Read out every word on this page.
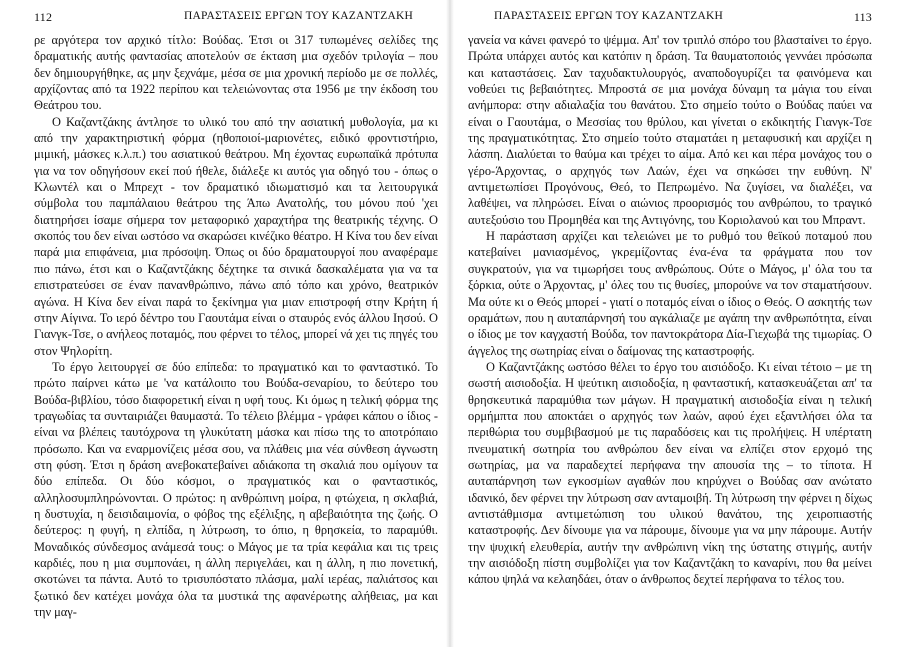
112	ΠΑΡΑΣΤΑΣΕΙΣ ΕΡΓΩΝ ΤΟΥ ΚΑΖΑΝΤΖΑΚΗ

ρε αργότερα τον αρχικό τίτλο: Βούδας. Έτσι οι 317 τυπωμένες σελίδες της δραματικής αυτής φαντασίας αποτελούν σε έκταση μια σχεδόν τριλογία – που δεν δημιουργήθηκε, ας μην ξεχνάμε, μέσα σε μια χρονική περίοδο με σε πολλές, αρχίζοντας από τα 1922 περίπου και τελειώνοντας στα 1956 με την έκδοση του Θεάτρου του.

Ο Καζαντζάκης άντλησε το υλικό του από την ασιατική μυθολογία, μα κι από την χαρακτηριστική φόρμα (ηθοποιοί-μαριονέτες, ειδικό φροντιστήριο, μιμική, μάσκες κ.λ.π.) του ασιατικού θεάτρου. Μη έχοντας ευρωπαϊκά πρότυπα για να τον οδηγήσουν εκεί πού ήθελε, διάλεξε κι αυτός για οδηγό του - όπως ο Κλωντέλ και ο Μπρεχτ - τον δραματικό ιδιωματισμό και τα λειτουργικά σύμβολα του παμπάλαιου θεάτρου της Άπω Ανατολής, του μόνου πού 'χει διατηρήσει ίσαμε σήμερα τον μεταφορικό χαραχτήρα της θεατρικής τέχνης. Ο σκοπός του δεν είναι ωστόσο να σκαρώσει κινέζικο θέατρο. Η Κίνα του δεν είναι παρά μια επιφάνεια, μια πρόσοψη. Όπως οι δύο δραματουργοί που αναφέραμε πιο πάνω, έτσι και ο Καζαντζάκης δέχτηκε τα σινικά δασκαλέματα για να τα επιστρατεύσει σε έναν πανανθρώπινο, πάνω από τόπο και χρόνο, θεατρικόν αγώνα. Η Κίνα δεν είναι παρά το ξεκίνημα για μιαν επιστροφή στην Κρήτη ή στην Αίγινα. Το ιερό δέντρο του Γαουτάμα είναι ο σταυρός ενός άλλου Ιησού. Ο Γιανγκ-Τσε, ο ανήλεος ποταμός, που φέρνει το τέλος, μπορεί νά χει τις πηγές του στον Ψηλορίτη.

Το έργο λειτουργεί σε δύο επίπεδα: το πραγματικό και το φανταστικό. Το πρώτο παίρνει κάτω με 'να κατάλοιπο του Βούδα-σεναρίου, το δεύτερο του Βούδα-βιβλίου, τόσο διαφορετική είναι η υφή τους. Κι όμως η τελική φόρμα της τραγωδίας τα συνταιριάζει θαυμαστά. Το τέλειο βλέμμα - γράφει κάπου ο ίδιος - είναι να βλέπεις ταυτόχρονα τη γλυκύτατη μάσκα και πίσω της το αποτρόπαιο πρόσωπο. Και να εναρμονίζεις μέσα σου, να πλάθεις μια νέα σύνθεση άγνωστη στη φύση. Έτσι η δράση ανεβοκατεβαίνει αδιάκοπα τη σκαλιά που ομίγουν τα δύο επίπεδα. Οι δύο κόσμοι, ο πραγματικός και ο φανταστικός, αλληλοσυμπληρώνονται. Ο πρώτος: η ανθρώπινη μοίρα, η φτώχεια, η σκλαβιά, η δυστυχία, η δεισιδαιμονία, ο φόβος της εξέλιξης, η αβεβαιότητα της ζωής. Ο δεύτερος: η φυγή, η ελπίδα, η λύτρωση, το όπιο, η θρησκεία, το παραμύθι. Μοναδικός σύνδεσμος ανάμεσά τους: ο Μάγος με τα τρία κεφάλια και τις τρεις καρδιές, που η μια συμπονάει, η άλλη περιγελάει, και η άλλη, η πιο πονετική, σκοτώνει τα πάντα. Αυτό το τρισυπόστατο πλάσμα, μαλί ιερέας, παλιάτσος και ξωτικό δεν κατέχει μονάχα όλα τα μυστικά της αφανέρωτης αλήθειας, μα και την μαγ-

ΠΑΡΑΣΤΑΣΕΙΣ ΕΡΓΩΝ ΤΟΥ ΚΑΖΑΝΤΖΑΚΗ	113

γανεία να κάνει φανερό το ψέμμα. Απ' τον τριπλό σπόρο του βλασταίνει το έργο. Πρώτα υπάρχει αυτός και κατόπιν η δράση. Τα θαυματοποιός γεννάει πρόσωπα και καταστάσεις. Σαν ταχυδακτυλουργός, αναποδογυρίζει τα φαινόμενα και νοθεύει τις βεβαιότητες. Μπροστά σε μια μονάχα δύναμη τα μάγια του είναι ανήμπορα: στην αδιαλαξία του θανάτου. Στο σημείο τούτο ο Βούδας παύει να είναι ο Γαουτάμα, ο Μεσσίας του θρύλου, και γίνεται ο εκδικητής Γιανγκ-Τσε της πραγματικότητας. Στο σημείο τούτο σταματάει η μεταφυσική και αρχίζει η λάσπη. Διαλύεται το θαύμα και τρέχει το αίμα. Από κει και πέρα μονάχος του ο γέρο-Άρχοντας, ο αρχηγός των Λαών, έχει να σηκώσει την ευθύνη. Ν' αντιμετωπίσει Προγόνους, Θεό, το Πεπρωμένο. Να ζυγίσει, να διαλέξει, να λαθέψει, να πληρώσει. Είναι ο αιώνιος προορισμός του ανθρώπου, το τραγικό αυτεξούσιο του Προμηθέα και της Αντιγόνης, του Κοριολανού και του Μπραντ.

Η παράσταση αρχίζει και τελειώνει με το ρυθμό του θεϊκού ποταμού που κατεβαίνει μανιασμένος, γκρεμίζοντας ένα-ένα τα φράγματα που τον συγκρατούν, για να τιμωρήσει τους ανθρώπους. Ούτε ο Μάγος, μ' όλα του τα ξόρκια, ούτε ο Άρχοντας, μ' όλες του τις θυσίες, μπορούνε να τον σταματήσουν. Μα ούτε κι ο Θεός μπορεί - γιατί ο ποταμός είναι ο ίδιος ο Θεός. Ο ασκητής των οραμάτων, που η αυταπάρνησή του αγκάλιαζε με αγάπη την ανθρωπότητα, είναι ο ίδιος με τον καγχαστή Βούδα, τον παντοκράτορα Δία-Γιεχωβά της τιμωρίας. Ο άγγελος της σωτηρίας είναι ο δαίμονας της καταστροφής.

Ο Καζαντζάκης ωστόσο θέλει το έργο του αισιόδοξο. Κι είναι τέτοιο – με τη σωστή αισιοδοξία. Η ψεύτικη αισιοδοξία, η φανταστική, κατασκευάζεται απ' τα θρησκευτικά παραμύθια των μάγων. Η πραγματική αισιοδοξία είναι η τελική ορμήμπτα που αποκτάει ο αρχηγός των λαών, αφού έχει εξαντλήσει όλα τα περιθώρια του συμβιβασμού με τις παραδόσεις και τις προλήψεις. Η υπέρτατη πνευματική σωτηρία του ανθρώπου δεν είναι να ελπίζει στον ερχομό της σωτηρίας, μα να παραδεχτεί περήφανα την απουσία της – το τίποτα. Η αυταπάρνηση των εγκοσμίων αγαθών που κηρύχνει ο Βούδας σαν ανώτατο ιδανικό, δεν φέρνει την λύτρωση σαν ανταμοιβή. Τη λύτρωση την φέρνει η δίχως αντιστάθμισμα αντιμετώπιση του υλικού θανάτου, της χειροπιαστής καταστροφής. Δεν δίνουμε για να πάρουμε, δίνουμε για να μην πάρουμε. Αυτήν την ψυχική ελευθερία, αυτήν την ανθρώπινη νίκη της ύστατης στιγμής, αυτήν την αισιόδοξη πίστη συμβολίζει για τον Καζαντζάκη το καναρίνι, που θα μείνει κάπου ψηλά να κελαηδάει, όταν ο άνθρωπος δεχτεί περήφανα το τέλος του.
